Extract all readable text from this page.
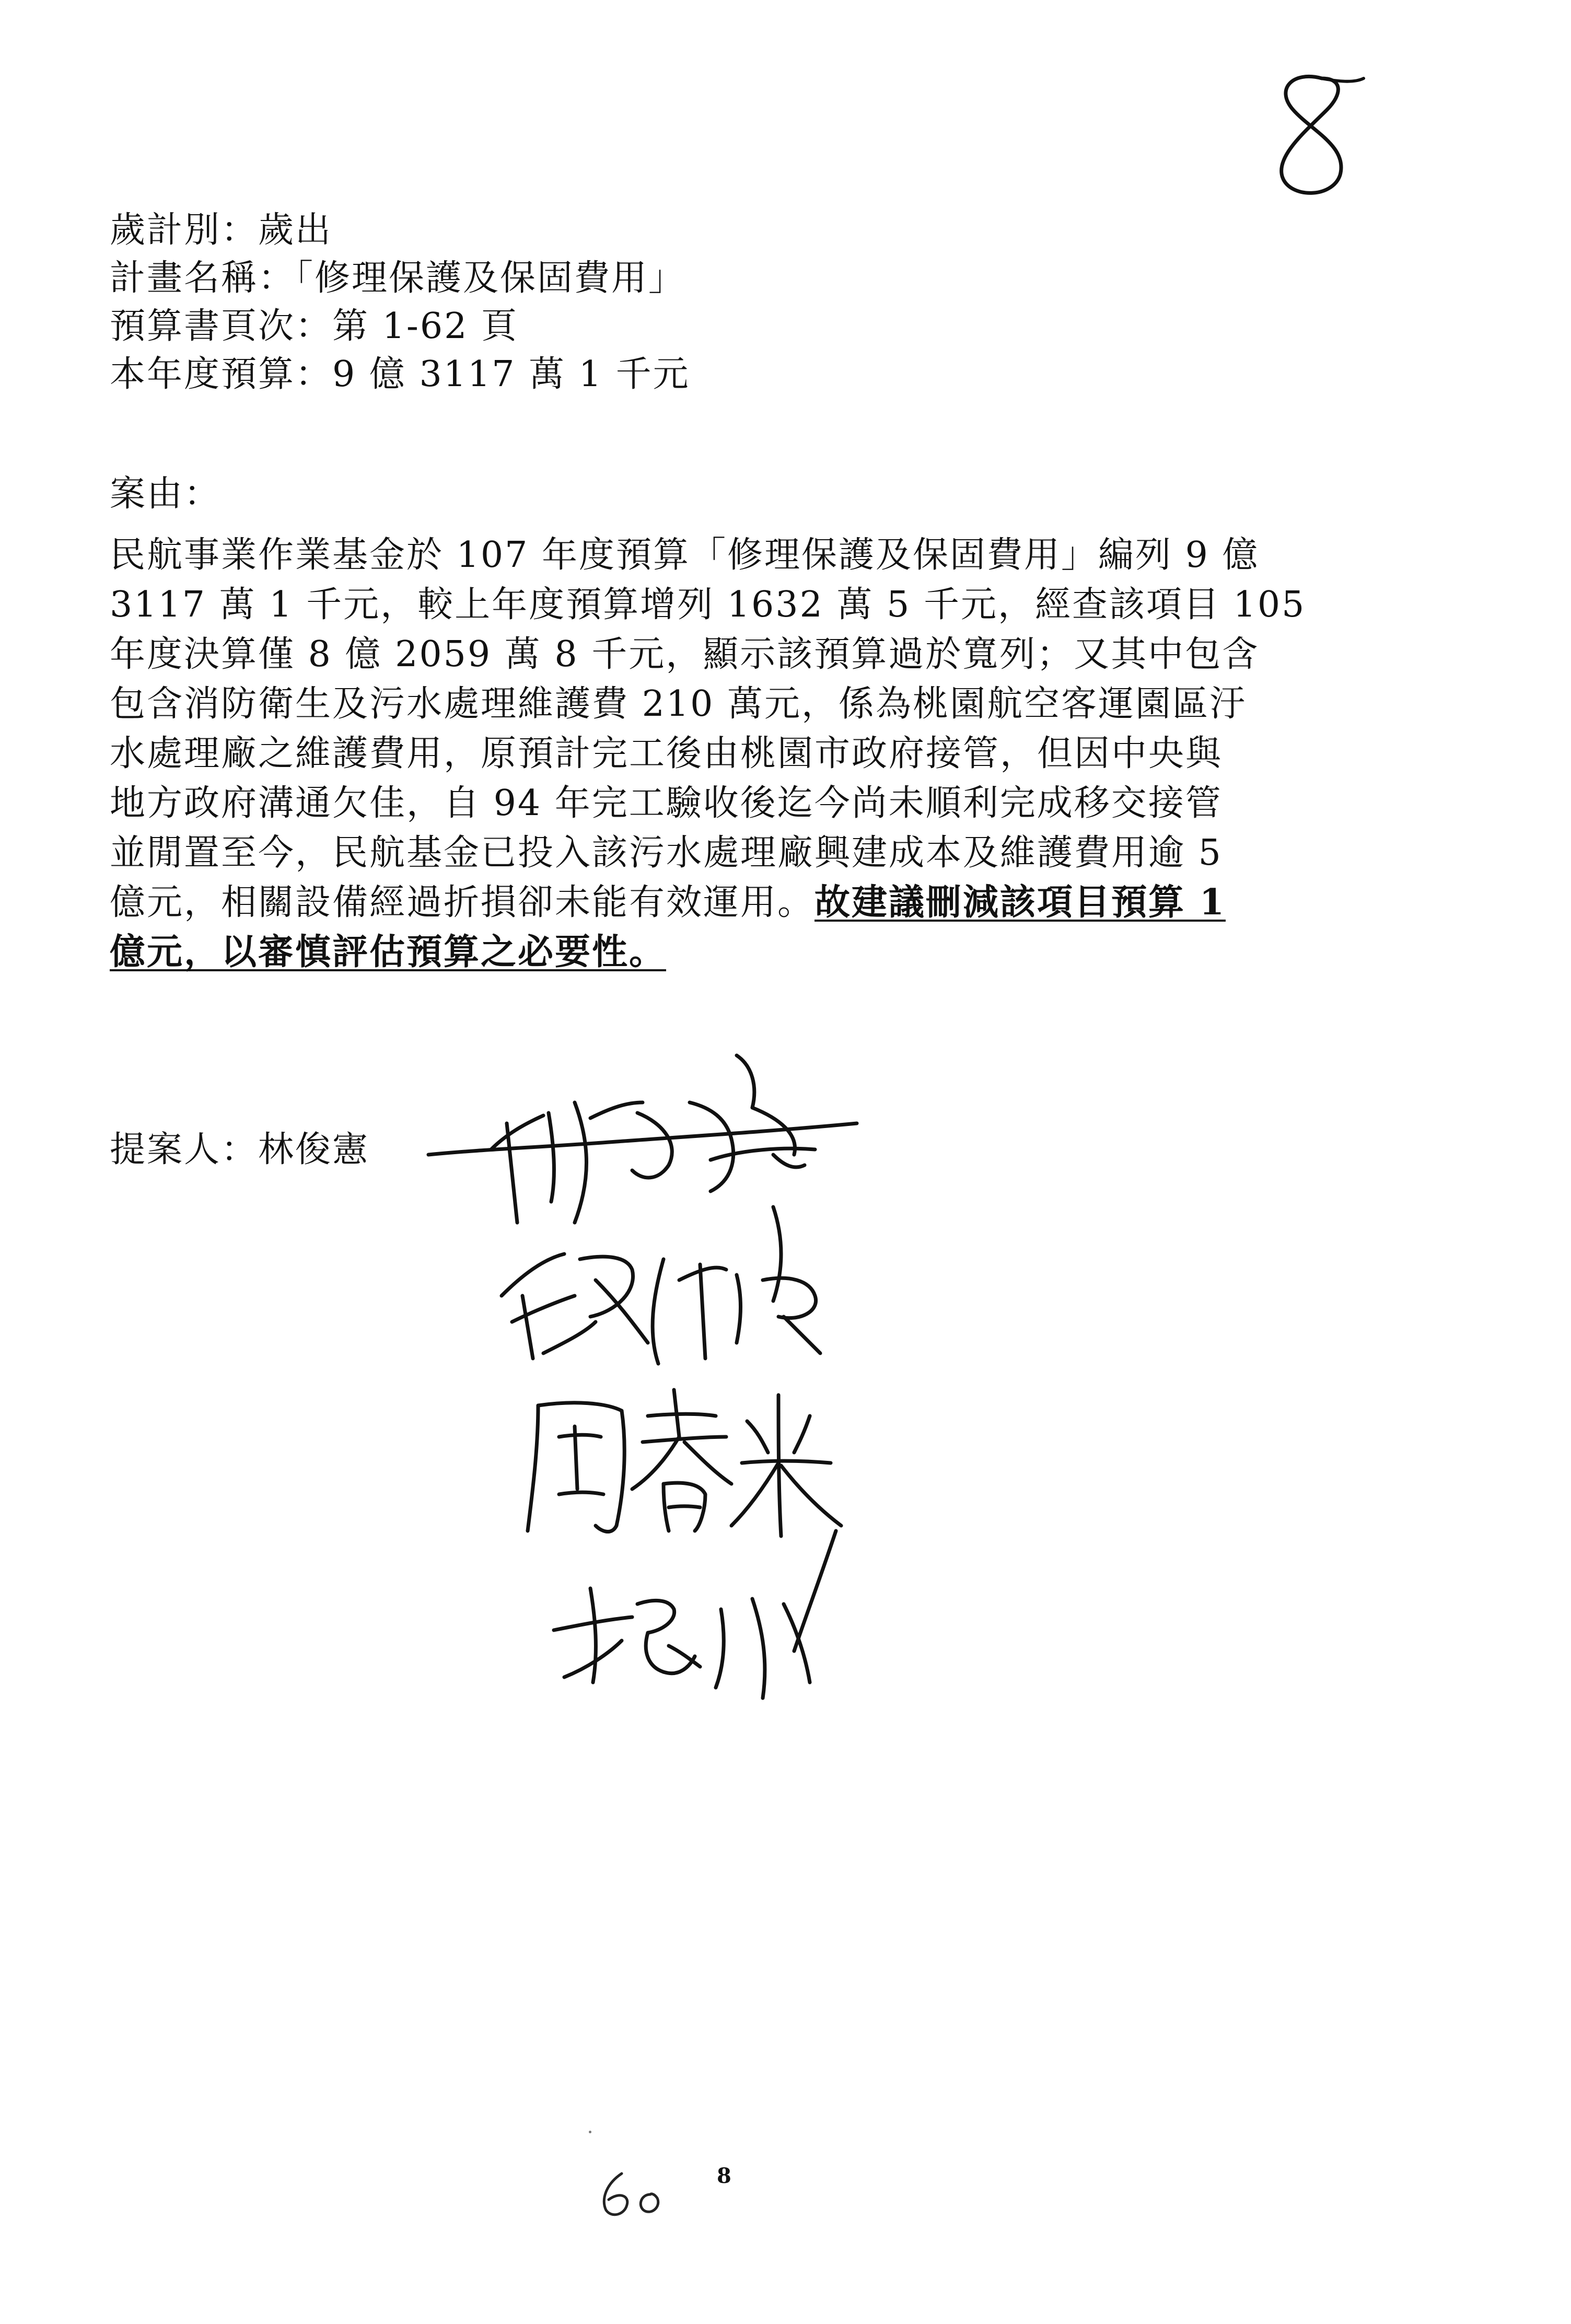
歲計別：歲出
計畫名稱：「修理保護及保固費用」
預算書頁次：第 1-62 頁
本年度預算：9 億 3117 萬 1 千元
案由：
民航事業作業基金於 107 年度預算「修理保護及保固費用」編列 9 億
3117 萬 1 千元，較上年度預算增列 1632 萬 5 千元，經查該項目 105
年度決算僅 8 億 2059 萬 8 千元，顯示該預算過於寬列；又其中包含
包含消防衛生及污水處理維護費 210 萬元，係為桃園航空客運園區汙
水處理廠之維護費用，原預計完工後由桃園市政府接管，但因中央與
地方政府溝通欠佳，自 94 年完工驗收後迄今尚未順利完成移交接管
並閒置至今，民航基金已投入該污水處理廠興建成本及維護費用逾 5
億元，相關設備經過折損卻未能有效運用。故建議刪減該項目預算 1
億元，以審慎評估預算之必要性。
提案人：林俊憲
8
